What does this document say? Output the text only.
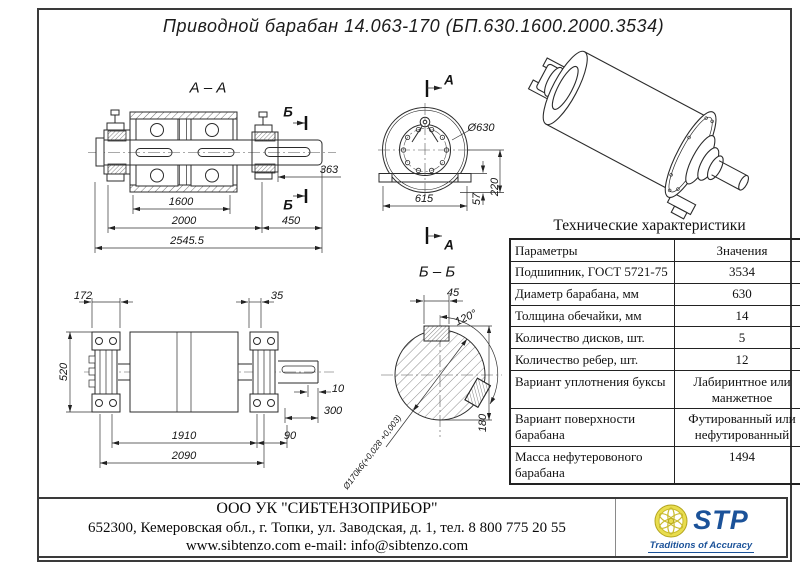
Приводной барабан 14.063-170 (БП.630.1600.2000.3534)
А – А
1600
2000
2545.5
450
363
Б
Б
А
А
Ø630
615	57
220
Б – Б
45
120°
180
Ø170k6(+0,028 +0,003)
172	35
520
1910
2090
90
300
10
Технические характеристики
Параметры	Значения
Подшипник, ГОСТ 5721-75	3534
Диаметр барабана, мм	630
Толщина обечайки, мм	14
Количество дисков, шт.	5
Количество ребер, шт.	12
Вариант уплотнения буксы	Лабиринтное или манжетное
Вариант поверхности барабана	Футированный или нефутированный
Масса нефутеровоного барабана	1494
ООО УК "СИБТЕНЗОПРИБОР"
652300, Кемеровская обл., г. Топки, ул. Заводская, д. 1, тел. 8 800 775 20 55
www.sibtenzo.com e-mail: info@sibtenzo.com
STP
Traditions of Accuracy
